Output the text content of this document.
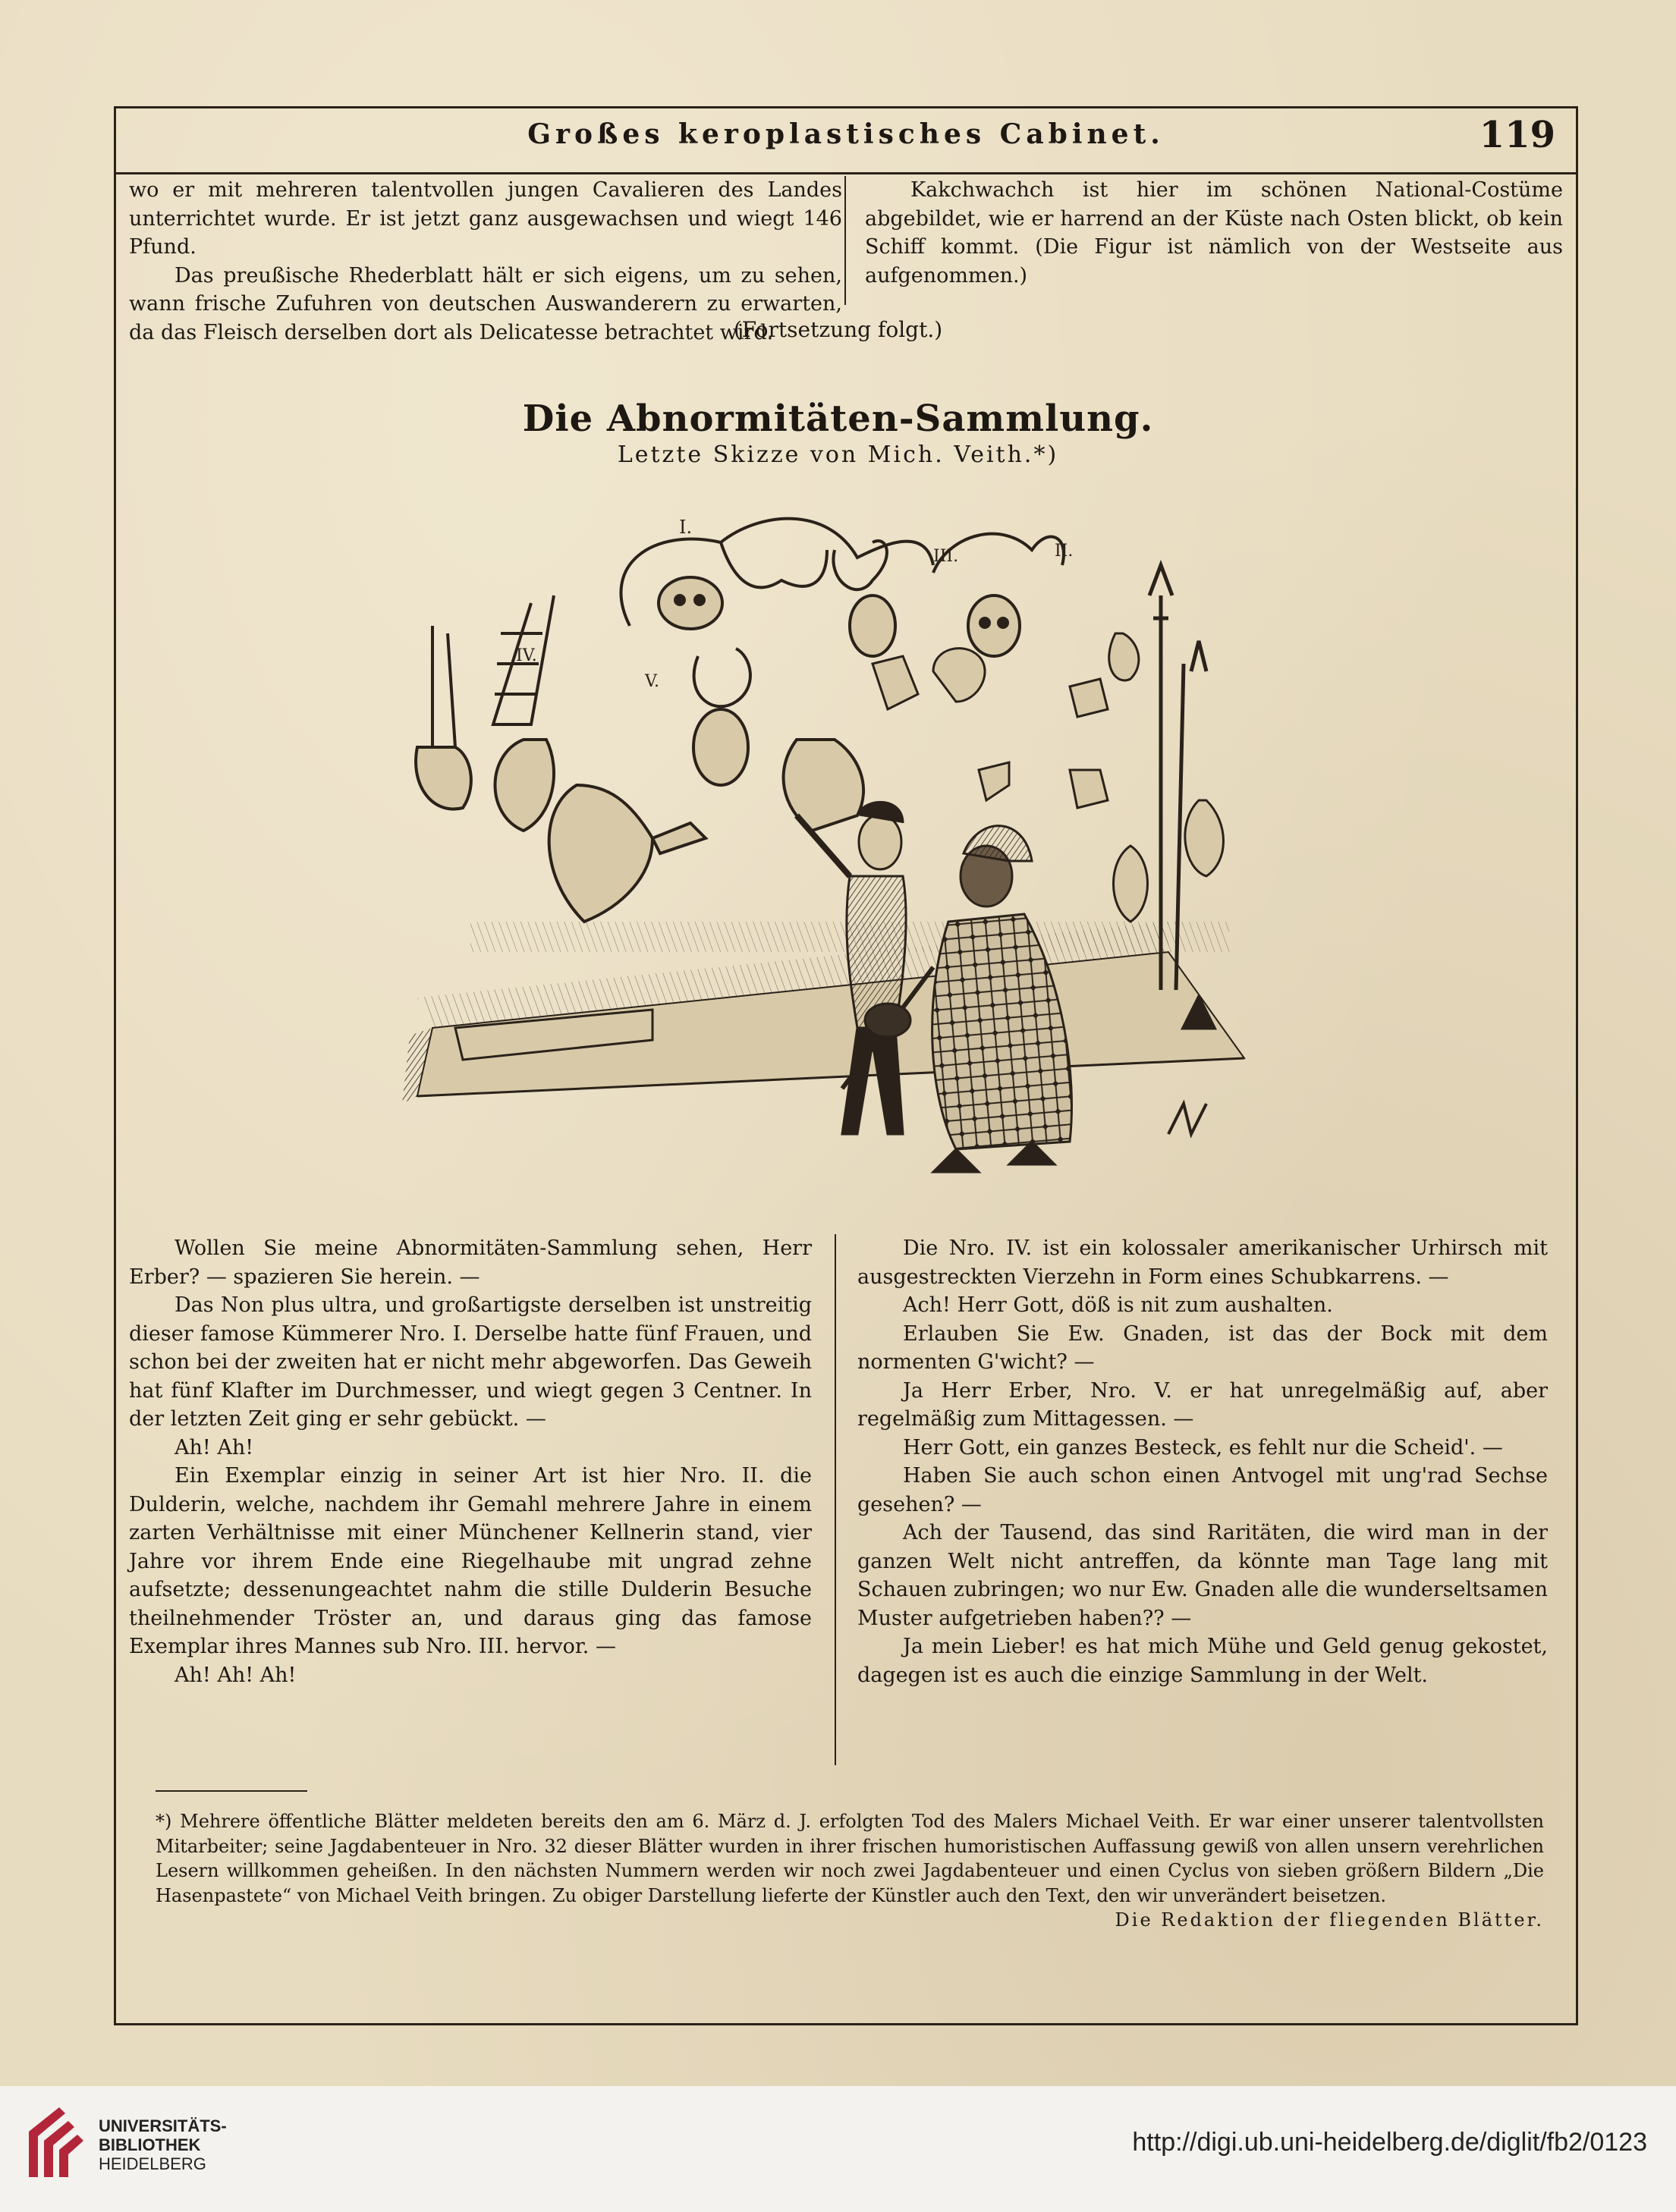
Großes keroplastisches Cabinet.	119

wo er mit mehreren talentvollen jungen Cavalieren des Landes unterrichtet wurde. Er ist jetzt ganz ausgewachsen und wiegt 146 Pfund.

Das preußische Rhederblatt hält er sich eigens, um zu sehen, wann frische Zufuhren von deutschen Auswanderern zu erwarten, da das Fleisch derselben dort als Delicatesse betrachtet wird.

Kakchwachch ist hier im schönen National-Costüme abgebildet, wie er harrend an der Küste nach Osten blickt, ob kein Schiff kommt. (Die Figur ist nämlich von der Westseite aus aufgenommen.)

(Fortsetzung folgt.)
Die Abnormitäten-Sammlung.
Letzte Skizze von Mich. Veith.*)
I.
II.
III.
IV.
V.

Wollen Sie meine Abnormitäten-Sammlung sehen, Herr Erber? — spazieren Sie herein. —

Das Non plus ultra, und großartigste derselben ist unstreitig dieser famose Kümmerer Nro. I. Derselbe hatte fünf Frauen, und schon bei der zweiten hat er nicht mehr abgeworfen. Das Geweih hat fünf Klafter im Durchmesser, und wiegt gegen 3 Centner. In der letzten Zeit ging er sehr gebückt. —

Ah! Ah!

Ein Exemplar einzig in seiner Art ist hier Nro. II. die Dulderin, welche, nachdem ihr Gemahl mehrere Jahre in einem zarten Verhältnisse mit einer Münchener Kellnerin stand, vier Jahre vor ihrem Ende eine Riegelhaube mit ungrad zehne aufsetzte; dessenungeachtet nahm die stille Dulderin Besuche theilnehmender Tröster an, und daraus ging das famose Exemplar ihres Mannes sub Nro. III. hervor. —

Ah! Ah! Ah!

Die Nro. IV. ist ein kolossaler amerikanischer Urhirsch mit ausgestreckten Vierzehn in Form eines Schubkarrens. —

Ach! Herr Gott, döß is nit zum aushalten.

Erlauben Sie Ew. Gnaden, ist das der Bock mit dem normenten G'wicht? —

Ja Herr Erber, Nro. V. er hat unregelmäßig auf, aber regelmäßig zum Mittagessen. —

Herr Gott, ein ganzes Besteck, es fehlt nur die Scheid'. —

Haben Sie auch schon einen Antvogel mit ung'rad Sechse gesehen? —

Ach der Tausend, das sind Raritäten, die wird man in der ganzen Welt nicht antreffen, da könnte man Tage lang mit Schauen zubringen; wo nur Ew. Gnaden alle die wunderseltsamen Muster aufgetrieben haben?? —

Ja mein Lieber! es hat mich Mühe und Geld genug gekostet, dagegen ist es auch die einzige Sammlung in der Welt.

*) Mehrere öffentliche Blätter meldeten bereits den am 6. März d. J. erfolgten Tod des Malers Michael Veith. Er war einer unserer talentvollsten Mitarbeiter; seine Jagdabenteuer in Nro. 32 dieser Blätter wurden in ihrer frischen humoristischen Auffassung gewiß von allen unsern verehrlichen Lesern willkommen geheißen. In den nächsten Nummern werden wir noch zwei Jagdabenteuer und einen Cyclus von sieben größern Bildern „Die Hasenpastete“ von Michael Veith bringen. Zu obiger Darstellung lieferte der Künstler auch den Text, den wir unverändert beisetzen.
Die Redaktion der fliegenden Blätter.
UNIVERSITÄTS-
BIBLIOTHEK
HEIDELBERG
http://digi.ub.uni-heidelberg.de/diglit/fb2/0123
